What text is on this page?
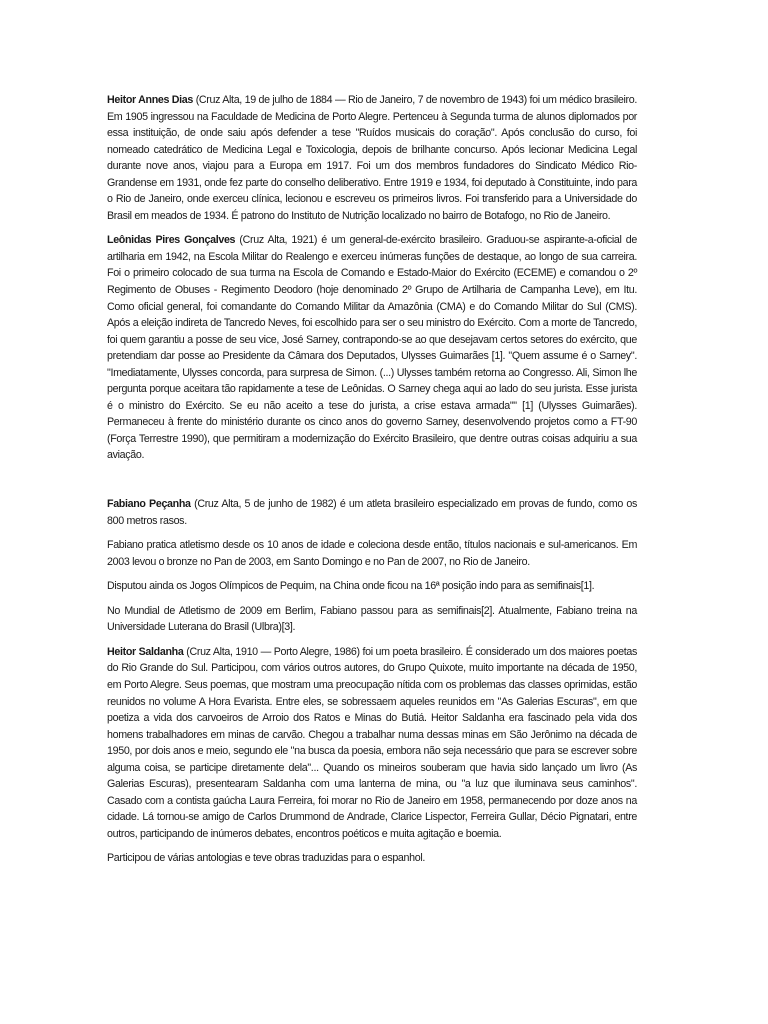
Heitor Annes Dias (Cruz Alta, 19 de julho de 1884 — Rio de Janeiro, 7 de novembro de 1943) foi um médico brasileiro. Em 1905 ingressou na Faculdade de Medicina de Porto Alegre. Pertenceu à Segunda turma de alunos diplomados por essa instituição, de onde saiu após defender a tese "Ruídos musicais do coração". Após conclusão do curso, foi nomeado catedrático de Medicina Legal e Toxicologia, depois de brilhante concurso. Após lecionar Medicina Legal durante nove anos, viajou para a Europa em 1917. Foi um dos membros fundadores do Sindicato Médico Rio-Grandense em 1931, onde fez parte do conselho deliberativo. Entre 1919 e 1934, foi deputado à Constituinte, indo para o Rio de Janeiro, onde exerceu clínica, lecionou e escreveu os primeiros livros. Foi transferido para a Universidade do Brasil em meados de 1934. É patrono do Instituto de Nutrição localizado no bairro de Botafogo, no Rio de Janeiro.

Leônidas Pires Gonçalves (Cruz Alta, 1921) é um general-de-exército brasileiro. Graduou-se aspirante-a-oficial de artilharia em 1942, na Escola Militar do Realengo e exerceu inúmeras funções de destaque, ao longo de sua carreira. Foi o primeiro colocado de sua turma na Escola de Comando e Estado-Maior do Exército (ECEME) e comandou o 2º Regimento de Obuses - Regimento Deodoro (hoje denominado 2º Grupo de Artilharia de Campanha Leve), em Itu. Como oficial general, foi comandante do Comando Militar da Amazônia (CMA) e do Comando Militar do Sul (CMS). Após a eleição indireta de Tancredo Neves, foi escolhido para ser o seu ministro do Exército. Com a morte de Tancredo, foi quem garantiu a posse de seu vice, José Sarney, contrapondo-se ao que desejavam certos setores do exército, que pretendiam dar posse ao Presidente da Câmara dos Deputados, Ulysses Guimarães [1]. "Quem assume é o Sarney". "Imediatamente, Ulysses concorda, para surpresa de Simon. (...) Ulysses também retorna ao Congresso. Ali, Simon lhe pergunta porque aceitara tão rapidamente a tese de Leônidas. O Sarney chega aqui ao lado do seu jurista. Esse jurista é o ministro do Exército. Se eu não aceito a tese do jurista, a crise estava armada"" [1] (Ulysses Guimarães). Permaneceu à frente do ministério durante os cinco anos do governo Sarney, desenvolvendo projetos como a FT-90 (Força Terrestre 1990), que permitiram a modernização do Exército Brasileiro, que dentre outras coisas adquiriu a sua aviação.

Fabiano Peçanha (Cruz Alta, 5 de junho de 1982) é um atleta brasileiro especializado em provas de fundo, como os 800 metros rasos.

Fabiano pratica atletismo desde os 10 anos de idade e coleciona desde então, títulos nacionais e sul-americanos. Em 2003 levou o bronze no Pan de 2003, em Santo Domingo e no Pan de 2007, no Rio de Janeiro.

Disputou ainda os Jogos Olímpicos de Pequim, na China onde ficou na 16ª posição indo para as semifinais[1].

No Mundial de Atletismo de 2009 em Berlim, Fabiano passou para as semifinais[2]. Atualmente, Fabiano treina na Universidade Luterana do Brasil (Ulbra)[3].

Heitor Saldanha (Cruz Alta, 1910 — Porto Alegre, 1986) foi um poeta brasileiro. É considerado um dos maiores poetas do Rio Grande do Sul. Participou, com vários outros autores, do Grupo Quixote, muito importante na década de 1950, em Porto Alegre. Seus poemas, que mostram uma preocupação nítida com os problemas das classes oprimidas, estão reunidos no volume A Hora Evarista. Entre eles, se sobressaem aqueles reunidos em "As Galerias Escuras", em que poetiza a vida dos carvoeiros de Arroio dos Ratos e Minas do Butiá. Heitor Saldanha era fascinado pela vida dos homens trabalhadores em minas de carvão. Chegou a trabalhar numa dessas minas em São Jerônimo na década de 1950, por dois anos e meio, segundo ele "na busca da poesia, embora não seja necessário que para se escrever sobre alguma coisa, se participe diretamente dela"... Quando os mineiros souberam que havia sido lançado um livro (As Galerias Escuras), presentearam Saldanha com uma lanterna de mina, ou "a luz que iluminava seus caminhos". Casado com a contista gaúcha Laura Ferreira, foi morar no Rio de Janeiro em 1958, permanecendo por doze anos na cidade. Lá tornou-se amigo de Carlos Drummond de Andrade, Clarice Lispector, Ferreira Gullar, Décio Pignatari, entre outros, participando de inúmeros debates, encontros poéticos e muita agitação e boemia.

Participou de várias antologias e teve obras traduzidas para o espanhol.
